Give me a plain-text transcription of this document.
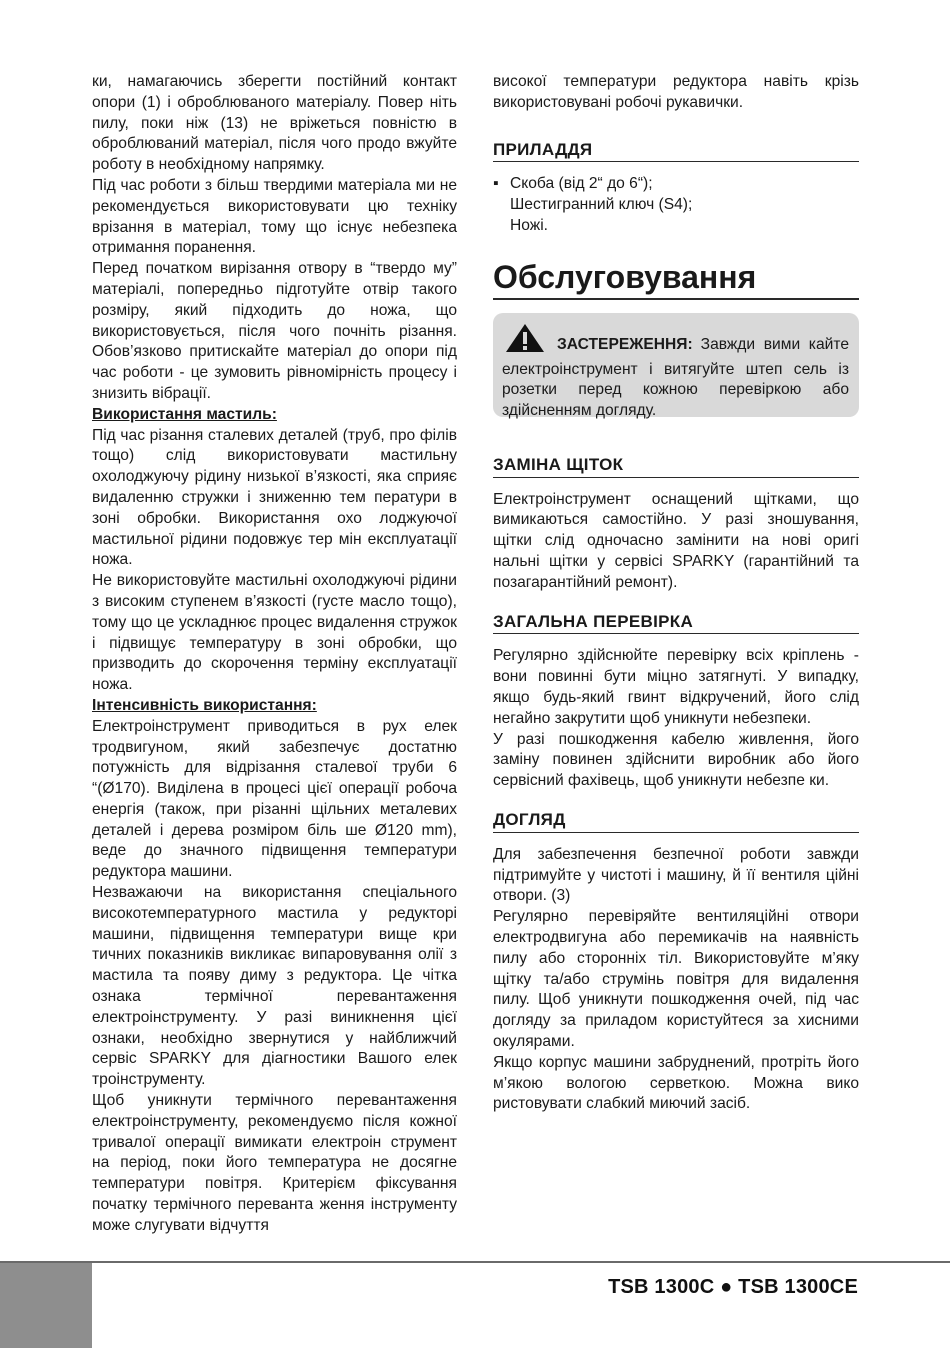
ки, намагаючись зберегти постійний контакт опори (1) і оброблюваного матеріалу. Повер ніть пилу, поки ніж (13) не вріжеться повністю в оброблюваний матеріал, після чого продо вжуйте роботу в необхідному напрямку.

Під час роботи з більш твердими матеріала ми не рекомендується використовувати цю техніку врізання в матеріал, тому що існує небезпека отримання поранення.

Перед початком вирізання отвору в “твердо му” матеріалі, попередньо підготуйте отвір такого розміру, який підходить до ножа, що використовується, після чого почніть різання. Обов’язково притискайте матеріал до опори під час роботи - це зумовить рівномірність процесу і знизить вібрації.

Використання мастиль:

Під час різання сталевих деталей (труб, про філів тощо) слід використовувати мастильну охолоджуючу рідину низької в’язкості, яка сприяє видаленню стружки і зниженню тем ператури в зоні обробки. Використання охо лоджуючої мастильної рідини подовжує тер мін експлуатації ножа.

Не використовуйте мастильні охолоджуючі рідини з високим ступенем в’язкості (густе масло тощо), тому що це ускладнює процес видалення стружок і підвищує температуру в зоні обробки, що призводить до скорочення терміну експлуатації ножа.

Інтенсивність використання:

Електроінструмент приводиться в рух елек тродвигуном, який забезпечує достатню потужність для відрізання сталевої труби 6 “(Ø170). Виділена в процесі цієї операції робоча енергія (також, при різанні щільних металевих деталей і дерева розміром біль ше Ø120 mm), веде до значного підвищення температури редуктора машини.

Незважаючи на використання спеціального високотемпературного мастила у редукторі машини, підвищення температури вище кри тичних показників викликає випаровування олії з мастила та появу диму з редуктора. Це чітка ознака термічної перевантаження електроінструменту. У разі виникнення цієї ознаки, необхідно звернутися у найближчий сервіс SPARKY для діагностики Вашого елек троінструменту.

Щоб уникнути термічного перевантаження електроінструменту, рекомендуємо після кожної тривалої операції вимикати електроін струмент на період, поки його температура не досягне температури повітря. Критерієм фіксування початку термічного перевантa ження інструменту може слугувати відчуття

високої температури редуктора навіть крізь використовувані робочі рукавички.

ПРИЛАДДЯ
▪ Скоба (від 2“ до 6“);
Шестигранний ключ (S4);
Ножі.
Обслуговування

ЗАСТЕРЕЖЕННЯ: Завжди вими кайте електроінструмент і витягуйте штеп сель із розетки перед кожною перевіркою або здійсненням догляду.

ЗАМІНА ЩІТОК

Електроінструмент оснащений щітками, що вимикаються самостійно. У разі зношування, щітки слід одночасно замінити на нові оригі нальні щітки у сервісі SPARKY (гарантійний та позагарантійний ремонт).

ЗАГАЛЬНА ПЕРЕВІРКА

Регулярно здійснюйте перевірку всіх кріплень - вони повинні бути міцно затягнуті. У випадку, якщо будь-який гвинт відкручений, його слід негайно закрутити щоб уникнути небезпеки.

У разі пошкодження кабелю живлення, його заміну повинен здійснити виробник або його сервісний фахівець, щоб уникнути небезпе ки.

ДОГЛЯД

Для забезпечення безпечної роботи завжди підтримуйте у чистоті і машину, й її вентиля ційні отвори. (3)

Регулярно перевіряйте вентиляційні отвори електродвигуна або перемикачів на наявність пилу або сторонніх тіл. Використовуйте м’яку щітку та/або струмінь повітря для видалення пилу. Щоб уникнути пошкодження очей, під час догляду за приладом користуйтеся за хисними окулярами.

Якщо корпус машини забруднений, протріть його м’якою вологою серветкою. Можна вико ристовувати слабкий миючий засіб.

TSB 1300C ● TSB 1300CE
